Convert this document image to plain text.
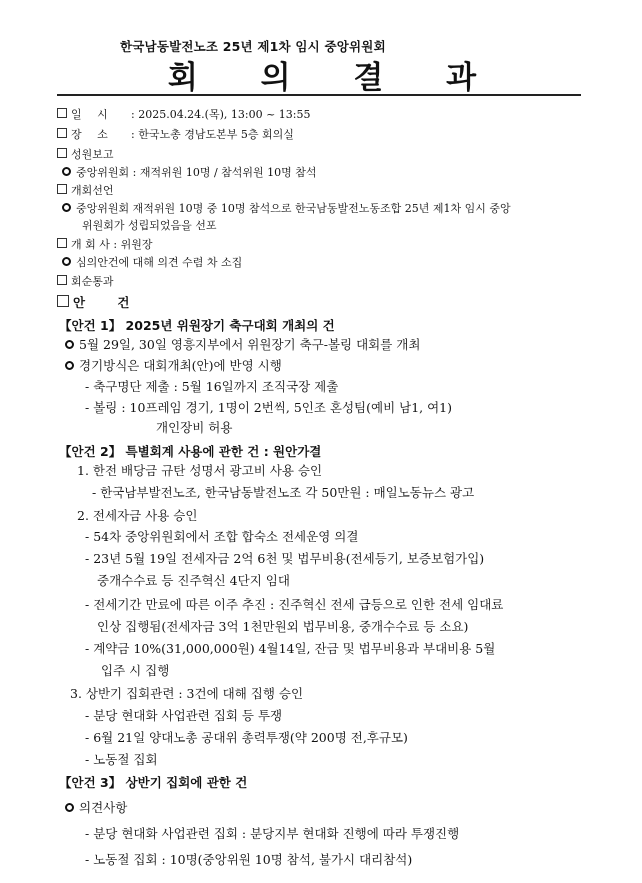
한국남동발전노조 25년 제1차 임시 중앙위원회
회 의 결 과
일 시 : 2025.04.24.(목), 13:00 ~ 13:55
장 소 : 한국노총 경남도본부 5층 회의실
성원보고
중앙위원회 : 재적위원 10명 / 참석위원 10명 참석
개회선언
중앙위원회 재적위원 10명 중 10명 참석으로 한국남동발전노동조합 25년 제1차 임시 중앙
위원회가 성립되었음을 선포
개 회 사 : 위원장
심의안건에 대해 의견 수렴 차 소집
회순통과
안 건
【안건 1】 2025년 위원장기 축구대회 개최의 건
5월 29일, 30일 영흥지부에서 위원장기 축구-볼링 대회를 개최
경기방식은 대회개최(안)에 반영 시행
- 축구명단 제출 : 5월 16일까지 조직국장 제출
- 볼링 : 10프레임 경기, 1명이 2번씩, 5인조 혼성팀(예비 남1, 여1)
개인장비 허용
【안건 2】 특별회계 사용에 관한 건 : 원안가결
1. 한전 배당금 규탄 성명서 광고비 사용 승인
- 한국남부발전노조, 한국남동발전노조 각 50만원 : 매일노동뉴스 광고
2. 전세자금 사용 승인
- 54차 중앙위원회에서 조합 합숙소 전세운영 의결
- 23년 5월 19일 전세자금 2억 6천 및 법무비용(전세등기, 보증보험가입)
중개수수료 등 진주혁신 4단지 임대
- 전세기간 만료에 따른 이주 추진 : 진주혁신 전세 급등으로 인한 전세 임대료
인상 집행됨(전세자금 3억 1천만원외 법무비용, 중개수수료 등 소요)
- 계약금 10%(31,000,000원) 4월14일, 잔금 및 법무비용과 부대비용 5월
입주 시 집행
3. 상반기 집회관련 : 3건에 대해 집행 승인
- 분당 현대화 사업관련 집회 등 투쟁
- 6월 21일 양대노총 공대위 총력투쟁(약 200명 전,후규모)
- 노동절 집회
【안건 3】 상반기 집회에 관한 건
의견사항
- 분당 현대화 사업관련 집회 : 분당지부 현대화 진행에 따라 투쟁진행
- 노동절 집회 : 10명(중앙위원 10명 참석, 불가시 대리참석)
